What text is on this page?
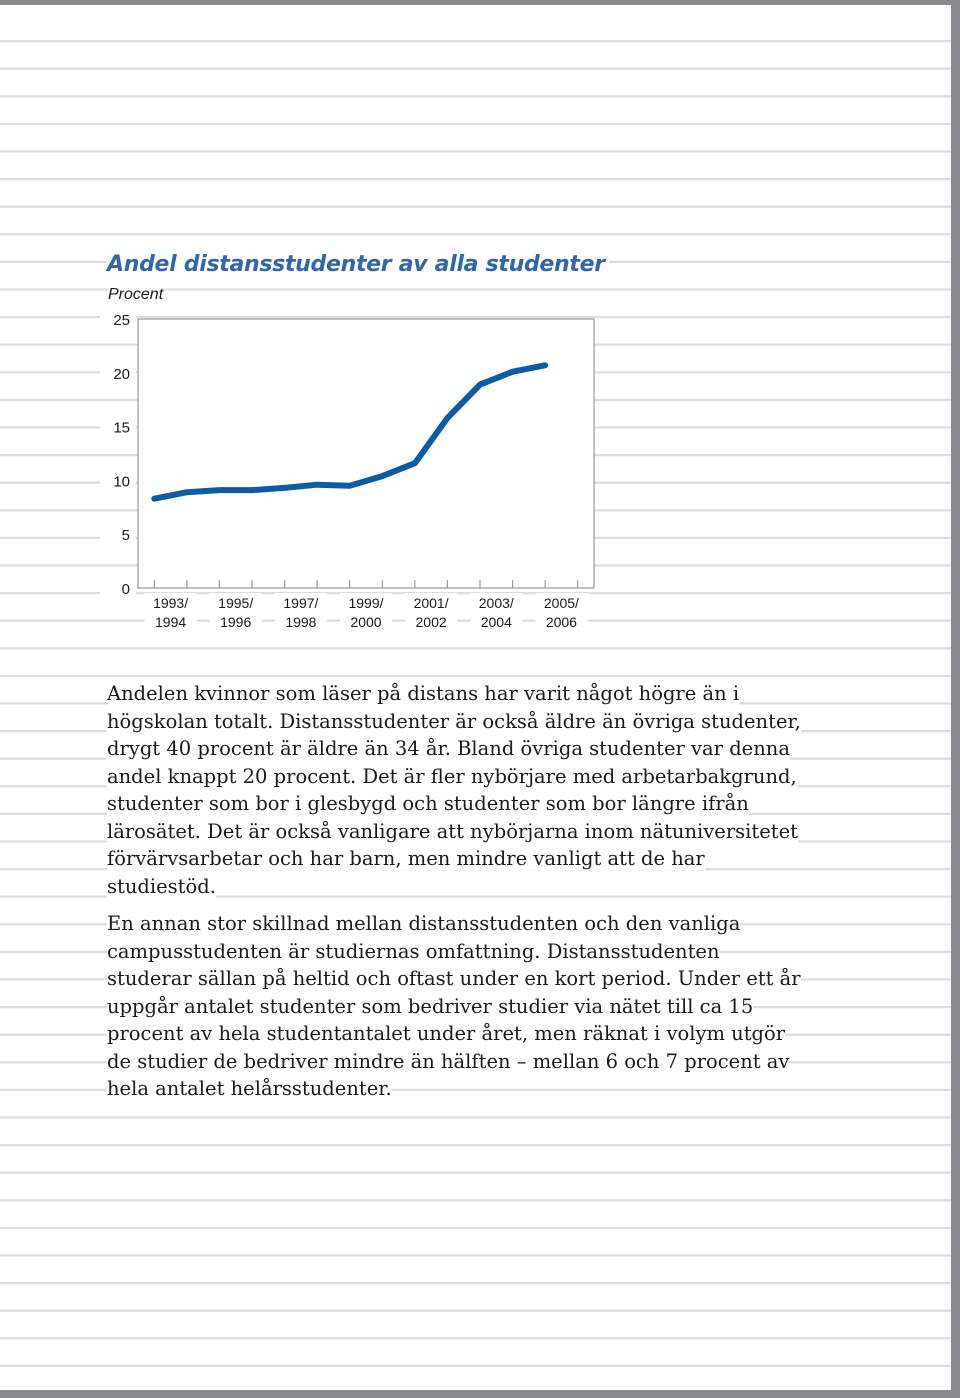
Andel distansstudenter av alla studenter
Procent
0
5
10
15
20
25
1993/
1994
1995/
1996
1997/
1998
1999/
2000
2001/
2002
2003/
2004
2005/
2006

Andelen kvinnor som läser på distans har varit något högre än i högskolan totalt. Distansstudenter är också äldre än övriga studenter, drygt 40 procent är äldre än 34 år. Bland övriga studenter var denna andel knappt 20 procent. Det är fler nybörjare med arbetarbakgrund, studenter som bor i glesbygd och studenter som bor längre ifrån lärosätet. Det är också vanligare att nybörjarna inom nätuniversitetet förvärvsarbetar och har barn, men mindre vanligt att de har studiestöd.

En annan stor skillnad mellan distansstudenten och den vanliga campusstudenten är studiernas omfattning. Distansstudenten studerar sällan på heltid och oftast under en kort period. Under ett år uppgår antalet studenter som bedriver studier via nätet till ca 15 procent av hela studentantalet under året, men räknat i volym utgör de studier de bedriver mindre än hälften – mellan 6 och 7 procent av hela antalet helårsstudenter.
